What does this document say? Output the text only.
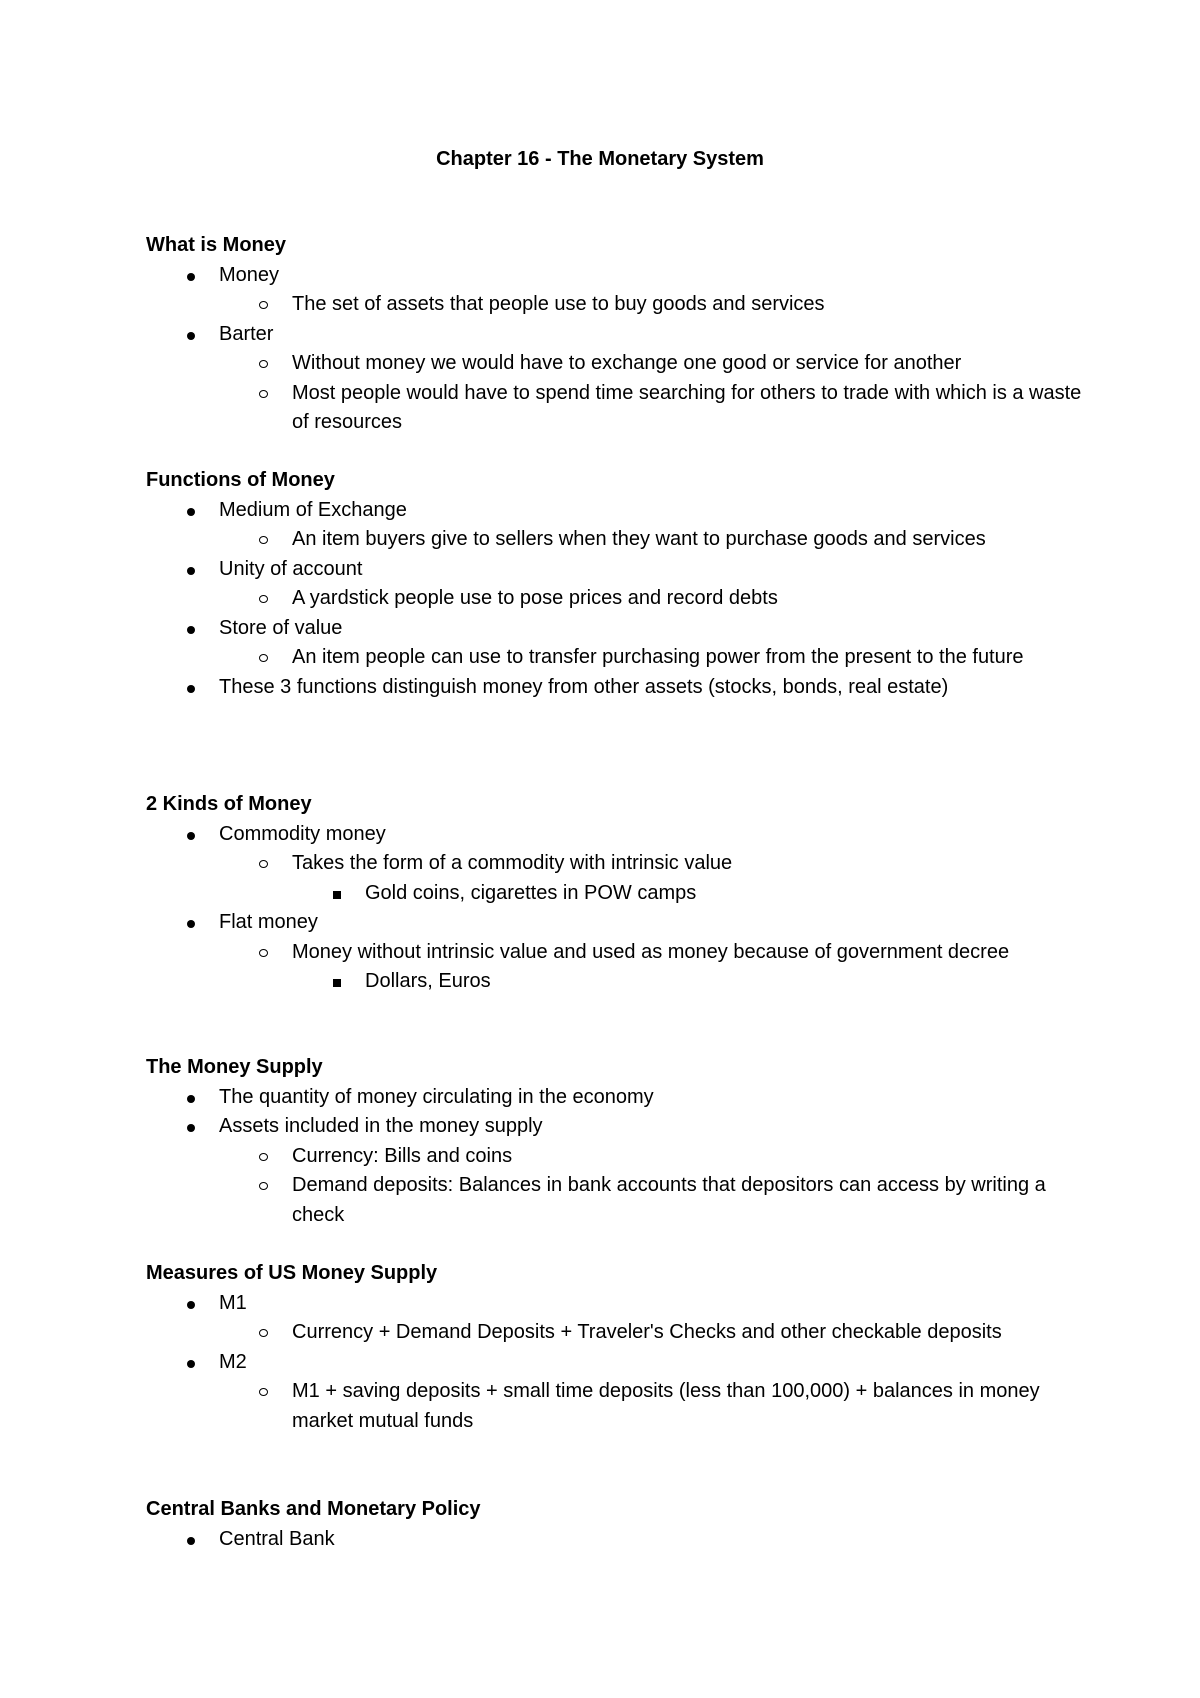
Chapter 16 - The Monetary System
What is Money
Money
The set of assets that people use to buy goods and services
Barter
Without money we would have to exchange one good or service for another
Most people would have to spend time searching for others to trade with which is a waste of resources
Functions of Money
Medium of Exchange
An item buyers give to sellers when they want to purchase goods and services
Unity of account
A yardstick people use to pose prices and record debts
Store of value
An item people can use to transfer purchasing power from the present to the future
These 3 functions distinguish money from other assets (stocks, bonds, real estate)
2 Kinds of Money
Commodity money
Takes the form of a commodity with intrinsic value
Gold coins, cigarettes in POW camps
Flat money
Money without intrinsic value and used as money because of government decree
Dollars, Euros
The Money Supply
The quantity of money circulating in the economy
Assets included in the money supply
Currency: Bills and coins
Demand deposits: Balances in bank accounts that depositors can access by writing a check
Measures of US Money Supply
M1
Currency + Demand Deposits + Traveler's Checks and other checkable deposits
M2
M1 + saving deposits + small time deposits (less than 100,000) + balances in money market mutual funds
Central Banks and Monetary Policy
Central Bank
